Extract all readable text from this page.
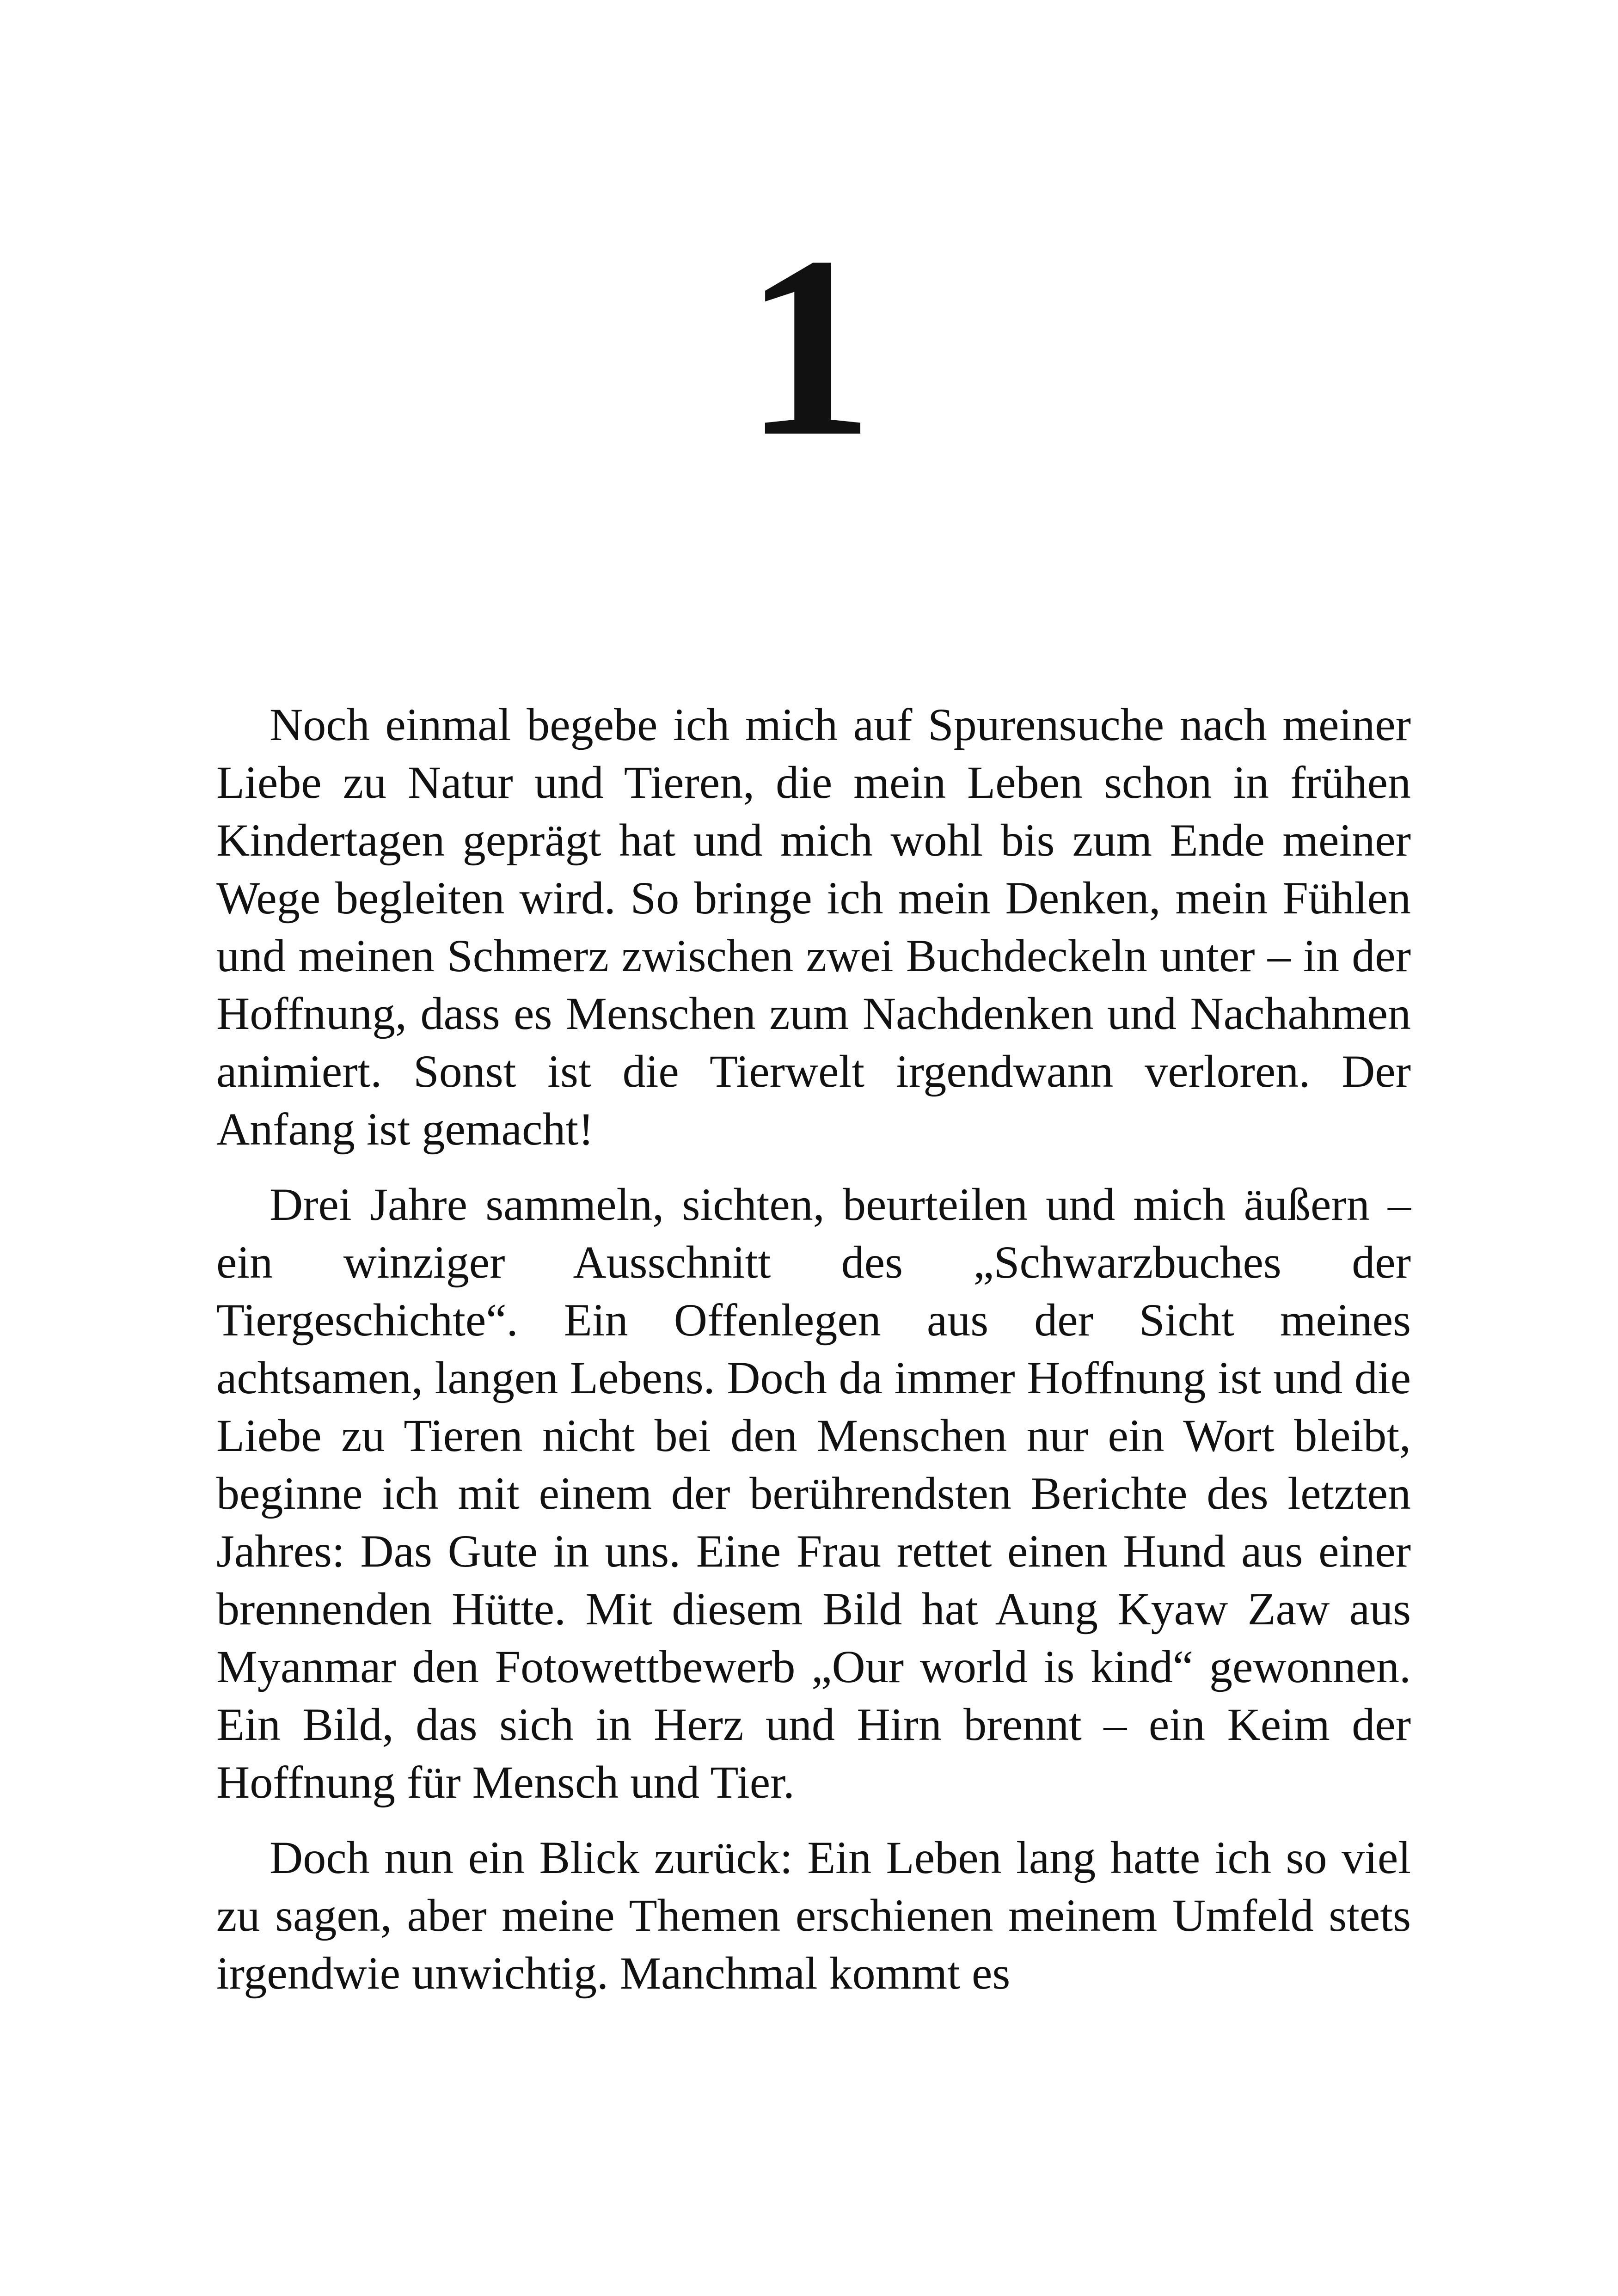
1

Noch einmal begebe ich mich auf Spurensuche nach meiner Liebe zu Natur und Tieren, die mein Leben schon in frühen Kindertagen geprägt hat und mich wohl bis zum Ende meiner Wege begleiten wird. So bringe ich mein Denken, mein Fühlen und meinen Schmerz zwischen zwei Buchdeckeln unter – in der Hoffnung, dass es Menschen zum Nachdenken und Nachahmen animiert. Sonst ist die Tierwelt irgendwann verloren. Der Anfang ist gemacht!

Drei Jahre sammeln, sichten, beurteilen und mich äußern – ein winziger Ausschnitt des „Schwarzbuches der Tiergeschichte“. Ein Offenlegen aus der Sicht meines achtsamen, langen Lebens. Doch da immer Hoffnung ist und die Liebe zu Tieren nicht bei den Menschen nur ein Wort bleibt, beginne ich mit einem der berührendsten Berichte des letzten Jahres: Das Gute in uns. Eine Frau rettet einen Hund aus einer brennenden Hütte. Mit diesem Bild hat Aung Kyaw Zaw aus Myanmar den Fotowettbewerb „Our world is kind“ gewonnen. Ein Bild, das sich in Herz und Hirn brennt – ein Keim der Hoffnung für Mensch und Tier.

Doch nun ein Blick zurück: Ein Leben lang hatte ich so viel zu sagen, aber meine Themen erschienen meinem Umfeld stets irgendwie unwichtig. Manchmal kommt es
